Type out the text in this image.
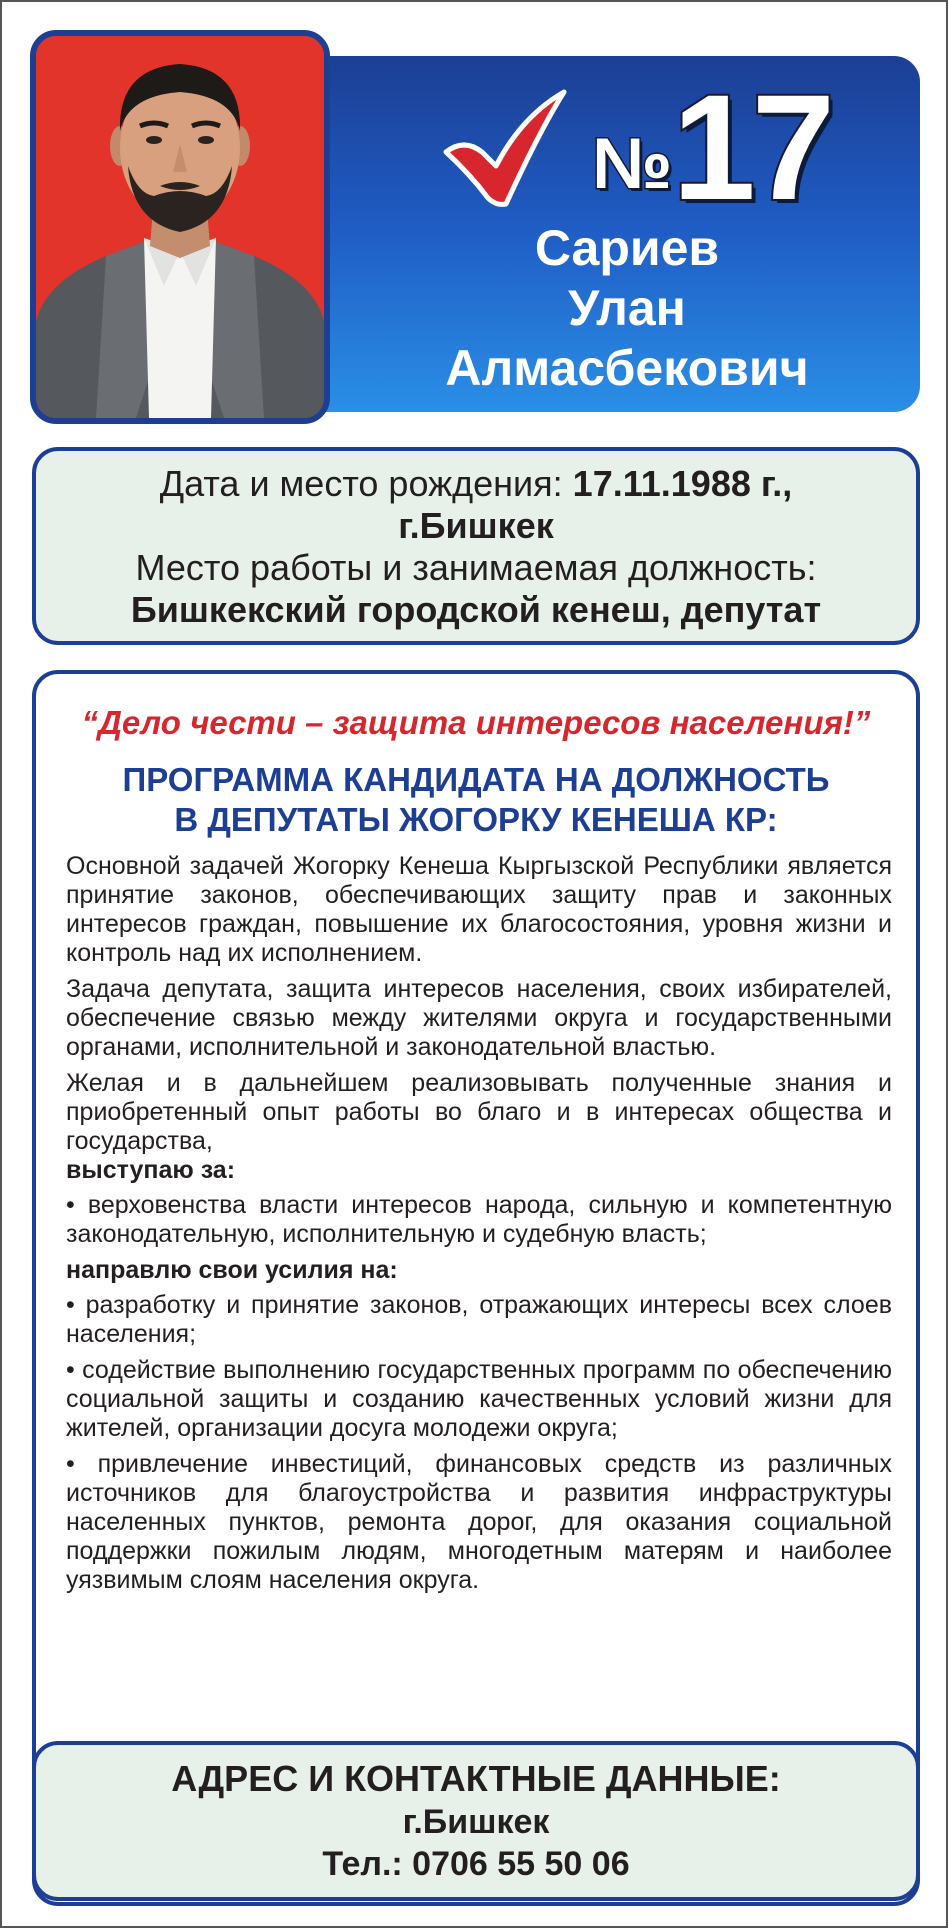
№ 17
Сариев
Улан
Алмасбекович
Дата и место рождения: 17.11.1988 г.,
г.Бишкек
Место работы и занимаемая должность:
Бишкекский городской кенеш, депутат
“Дело чести – защита интересов населения!”
ПРОГРАММА КАНДИДАТА НА ДОЛЖНОСТЬ
В ДЕПУТАТЫ ЖОГОРКУ КЕНЕША КР:

Основной задачей Жогорку Кенеша Кыргызской Республики является принятие законов, обеспечивающих защиту прав и законных интересов граждан, повышение их благосостояния, уровня жизни и контроль над их исполнением.

Задача депутата, защита интересов населения, своих избирателей, обеспечение связью между жителями округа и государственными органами, исполнительной и законодательной властью.

Желая и в дальнейшем реализовывать полученные знания и приобретенный опыт работы во благо и в интересах общества и государства,

выступаю за:

• верховенства власти интересов народа, сильную и компетентную законодательную, исполнительную и судебную власть;

направлю свои усилия на:

• разработку и принятие законов, отражающих интересы всех слоев населения;

• содействие выполнению государственных программ по обеспечению социальной защиты и созданию качественных условий жизни для жителей, организации досуга молодежи округа;

• привлечение инвестиций, финансовых средств из различных источников для благоустройства и развития инфраструктуры населенных пунктов, ремонта дорог, для оказания социальной поддержки пожилым людям, многодетным матерям и наиболее уязвимым слоям населения округа.

АДРЕС И КОНТАКТНЫЕ ДАННЫЕ:
г.Бишкек
Тел.: 0706 55 50 06
